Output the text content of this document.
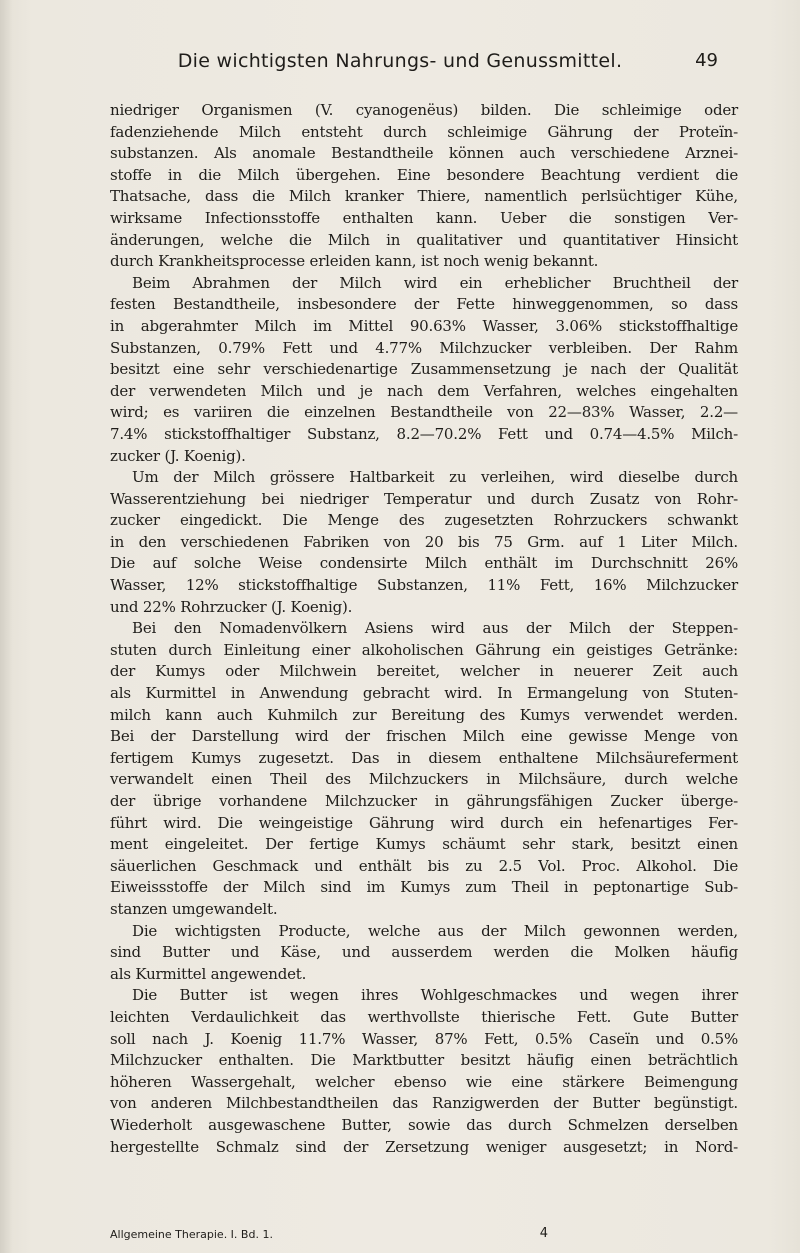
Die wichtigsten Nahrungs- und Genussmittel.	49
niedriger Organismen (V. cyanogenëus) bilden. Die schleimige oder
fadenziehende Milch entsteht durch schleimige Gährung der Proteïn-
substanzen. Als anomale Bestandtheile können auch verschiedene Arznei-
stoffe in die Milch übergehen. Eine besondere Beachtung verdient die
Thatsache, dass die Milch kranker Thiere, namentlich perlsüchtiger Kühe,
wirksame Infectionsstoffe enthalten kann. Ueber die sonstigen Ver-
änderungen, welche die Milch in qualitativer und quantitativer Hinsicht
durch Krankheitsprocesse erleiden kann, ist noch wenig bekannt.
Beim Abrahmen der Milch wird ein erheblicher Bruchtheil der
festen Bestandtheile, insbesondere der Fette hinweggenommen, so dass
in abgerahmter Milch im Mittel 90.63% Wasser, 3.06% stickstoffhaltige
Substanzen, 0.79% Fett und 4.77% Milchzucker verbleiben. Der Rahm
besitzt eine sehr verschiedenartige Zusammensetzung je nach der Qualität
der verwendeten Milch und je nach dem Verfahren, welches eingehalten
wird; es variiren die einzelnen Bestandtheile von 22—83% Wasser, 2.2—
7.4% stickstoffhaltiger Substanz, 8.2—70.2% Fett und 0.74—4.5% Milch-
zucker (J. Koenig).
Um der Milch grössere Haltbarkeit zu verleihen, wird dieselbe durch
Wasserentziehung bei niedriger Temperatur und durch Zusatz von Rohr-
zucker eingedickt. Die Menge des zugesetzten Rohrzuckers schwankt
in den verschiedenen Fabriken von 20 bis 75 Grm. auf 1 Liter Milch.
Die auf solche Weise condensirte Milch enthält im Durchschnitt 26%
Wasser, 12% stickstoffhaltige Substanzen, 11% Fett, 16% Milchzucker
und 22% Rohrzucker (J. Koenig).
Bei den Nomadenvölkern Asiens wird aus der Milch der Steppen-
stuten durch Einleitung einer alkoholischen Gährung ein geistiges Getränke:
der Kumys oder Milchwein bereitet, welcher in neuerer Zeit auch
als Kurmittel in Anwendung gebracht wird. In Ermangelung von Stuten-
milch kann auch Kuhmilch zur Bereitung des Kumys verwendet werden.
Bei der Darstellung wird der frischen Milch eine gewisse Menge von
fertigem Kumys zugesetzt. Das in diesem enthaltene Milchsäureferment
verwandelt einen Theil des Milchzuckers in Milchsäure, durch welche
der übrige vorhandene Milchzucker in gährungsfähigen Zucker überge-
führt wird. Die weingeistige Gährung wird durch ein hefenartiges Fer-
ment eingeleitet. Der fertige Kumys schäumt sehr stark, besitzt einen
säuerlichen Geschmack und enthält bis zu 2.5 Vol. Proc. Alkohol. Die
Eiweissstoffe der Milch sind im Kumys zum Theil in peptonartige Sub-
stanzen umgewandelt.
Die wichtigsten Producte, welche aus der Milch gewonnen werden,
sind Butter und Käse, und ausserdem werden die Molken häufig
als Kurmittel angewendet.
Die Butter ist wegen ihres Wohlgeschmackes und wegen ihrer
leichten Verdaulichkeit das werthvollste thierische Fett. Gute Butter
soll nach J. Koenig 11.7% Wasser, 87% Fett, 0.5% Caseïn und 0.5%
Milchzucker enthalten. Die Marktbutter besitzt häufig einen beträchtlich
höheren Wassergehalt, welcher ebenso wie eine stärkere Beimengung
von anderen Milchbestandtheilen das Ranzigwerden der Butter begünstigt.
Wiederholt ausgewaschene Butter, sowie das durch Schmelzen derselben
hergestellte Schmalz sind der Zersetzung weniger ausgesetzt; in Nord-
Allgemeine Therapie. I. Bd. 1.	4
